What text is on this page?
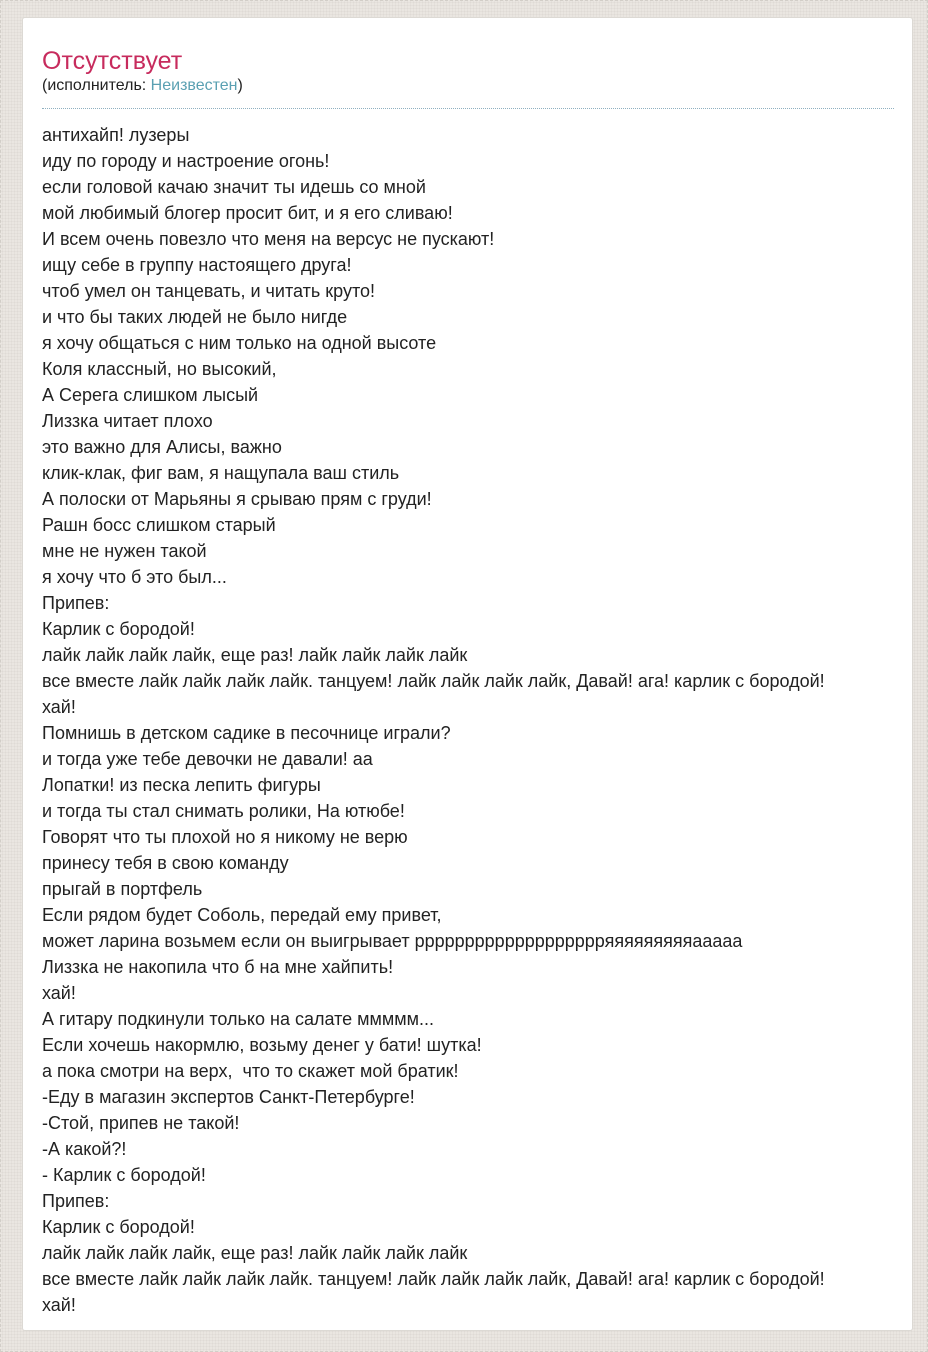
Отсутствует
(исполнитель: Неизвестен)
антихайп! лузеры
иду по городу и настроение огонь!
если головой качаю значит ты идешь со мной
мой любимый блогер просит бит, и я его сливаю!
И всем очень повезло что меня на версус не пускают!
ищу себе в группу настоящего друга!
чтоб умел он танцевать, и читать круто!
и что бы таких людей не было нигде
я хочу общаться с ним только на одной высоте
Коля классный, но высокий,
А Серега слишком лысый
Лиззка читает плохо
это важно для Алисы, важно
клик-клак, фиг вам, я нащупала ваш стиль
А полоски от Марьяны я срываю прям с груди!
Рашн босс слишком старый
мне не нужен такой
я хочу что б это был...
Припев:
Карлик с бородой!
лайк лайк лайк лайк, еще раз! лайк лайк лайк лайк
все вместе лайк лайк лайк лайк. танцуем! лайк лайк лайк лайк, Давай! ага! карлик с бородой!
хай!
Помнишь в детском садике в песочнице играли?
и тогда уже тебе девочки не давали! аа
Лопатки! из песка лепить фигуры
и тогда ты стал снимать ролики, На ютюбе!
Говорят что ты плохой но я никому не верю
принесу тебя в свою команду
прыгай в портфель
Если рядом будет Соболь, передай ему привет,
может ларина возьмем если он выигрывает ррррррррррррррррррряяяяяяяяяааааа
Лиззка не накопила что б на мне хайпить!
хай!
А гитару подкинули только на салате ммммм...
Если хочешь накормлю, возьму денег у бати! шутка!
а пока смотри на верх,  что то скажет мой братик!
-Еду в магазин экспертов Санкт-Петербурге!
-Стой, припев не такой!
-А какой?!
- Карлик с бородой!
Припев:
Карлик с бородой!
лайк лайк лайк лайк, еще раз! лайк лайк лайк лайк
все вместе лайк лайк лайк лайк. танцуем! лайк лайк лайк лайк, Давай! ага! карлик с бородой!
хай!
